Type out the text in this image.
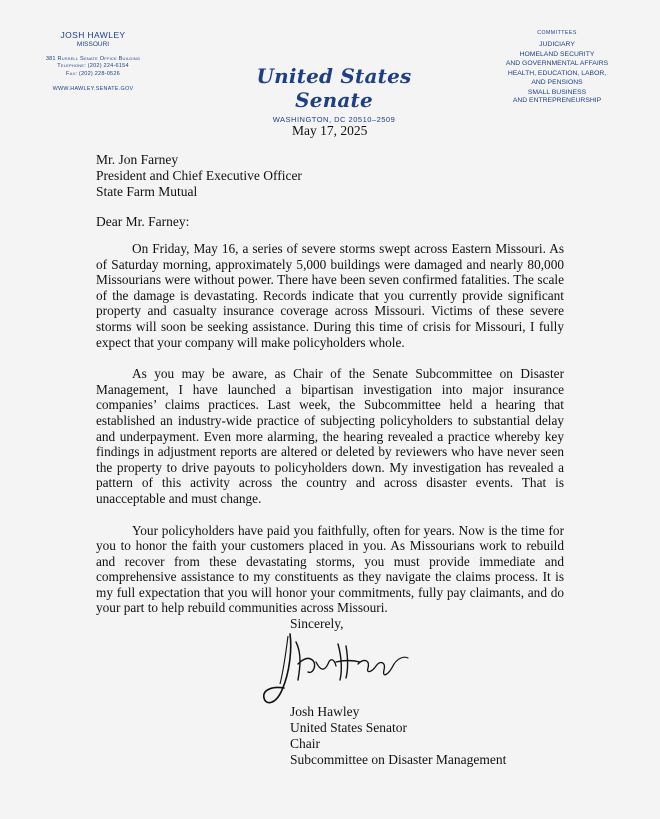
JOSH HAWLEY
MISSOURI
381 Russell Senate Office Building
Telephone: (202) 224-6154
Fax: (202) 228-0526
WWW.HAWLEY.SENATE.GOV
United States Senate
WASHINGTON, DC 20510–2509
COMMITTEES
JUDICIARY
HOMELAND SECURITY
AND GOVERNMENTAL AFFAIRS
HEALTH, EDUCATION, LABOR,
AND PENSIONS
SMALL BUSINESS
AND ENTREPRENEURSHIP
May 17, 2025
Mr. Jon Farney
President and Chief Executive Officer
State Farm Mutual
Dear Mr. Farney:

On Friday, May 16, a series of severe storms swept across Eastern Missouri. As of Saturday morning, approximately 5,000 buildings were damaged and nearly 80,000 Missourians were without power. There have been seven confirmed fatalities. The scale of the damage is devastating. Records indicate that you currently provide significant property and casualty insurance coverage across Missouri. Victims of these severe storms will soon be seeking assistance. During this time of crisis for Missouri, I fully expect that your company will make policyholders whole.

As you may be aware, as Chair of the Senate Subcommittee on Disaster Management, I have launched a bipartisan investigation into major insurance companies’ claims practices. Last week, the Subcommittee held a hearing that established an industry-wide practice of subjecting policyholders to substantial delay and underpayment. Even more alarming, the hearing revealed a practice whereby key findings in adjustment reports are altered or deleted by reviewers who have never seen the property to drive payouts to policyholders down. My investigation has revealed a pattern of this activity across the country and across disaster events. That is unacceptable and must change.

Your policyholders have paid you faithfully, often for years. Now is the time for you to honor the faith your customers placed in you. As Missourians work to rebuild and recover from these devastating storms, you must provide immediate and comprehensive assistance to my constituents as they navigate the claims process. It is my full expectation that you will honor your commitments, fully pay claimants, and do your part to help rebuild communities across Missouri.

Sincerely,
Josh Hawley
United States Senator
Chair
Subcommittee on Disaster Management
